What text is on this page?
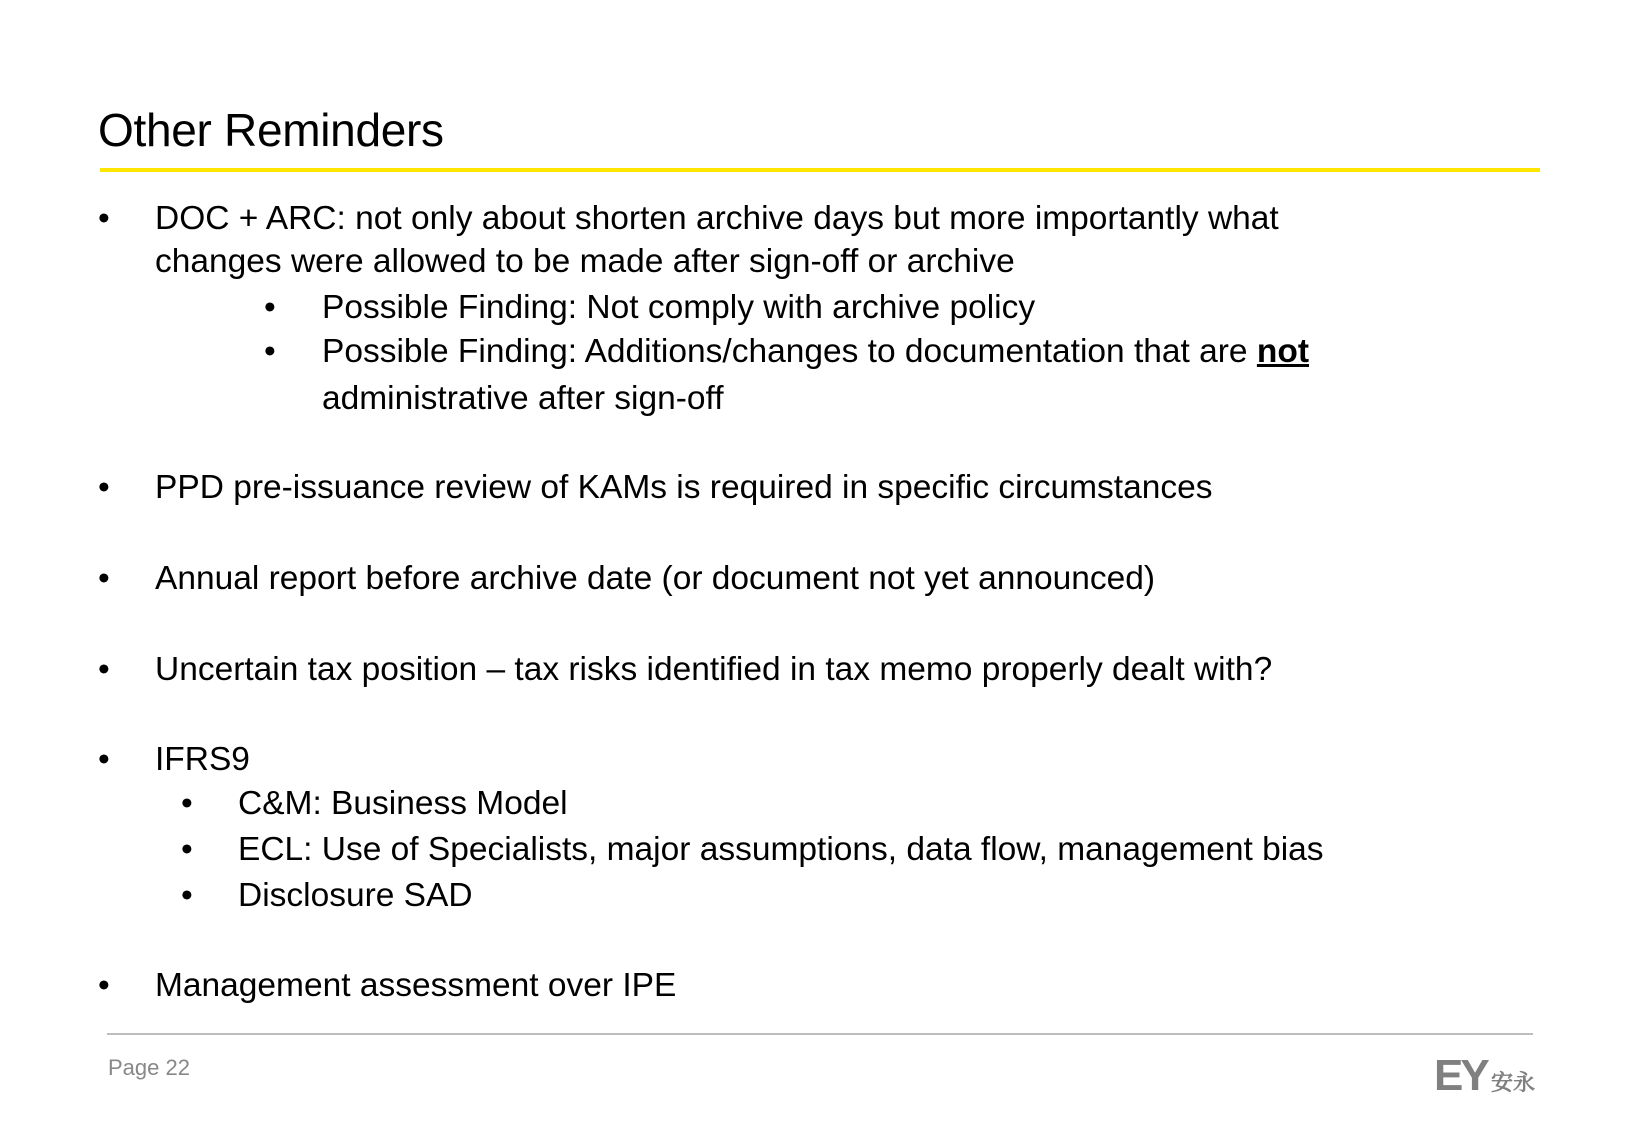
Other Reminders
• DOC + ARC: not only about shorten archive days but more importantly what
changes were allowed to be made after sign-off or archive
• Possible Finding: Not comply with archive policy
• Possible Finding: Additions/changes to documentation that are not
administrative after sign-off
• PPD pre-issuance review of KAMs is required in specific circumstances
• Annual report before archive date (or document not yet announced)
• Uncertain tax position – tax risks identified in tax memo properly dealt with?
• IFRS9
• C&M: Business Model
• ECL: Use of Specialists, major assumptions, data flow, management bias
• Disclosure SAD
• Management assessment over IPE
Page 22	EY 安永
